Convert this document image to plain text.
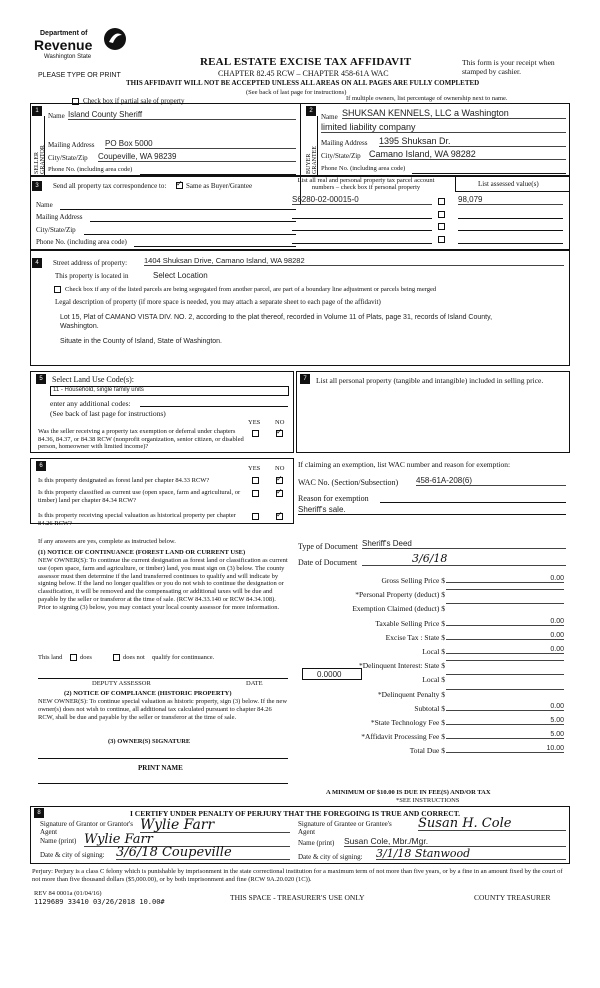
Department of
Revenue
Washington State
PLEASE TYPE OR PRINT
REAL ESTATE EXCISE TAX AFFIDAVIT
CHAPTER 82.45 RCW – CHAPTER 458-61A WAC
THIS AFFIDAVIT WILL NOT BE ACCEPTED UNLESS ALL AREAS ON ALL PAGES ARE FULLY COMPLETED
(See back of last page for instructions)
This form is your receipt when stamped by cashier.
Check box if partial sale of property	If multiple owners, list percentage of ownership next to name.
1
SELLER GRANTOR
Name Island County Sheriff
Mailing Address PO Box 5000
City/State/Zip Coupeville, WA 98239
Phone No. (including area code)
2
BUYER GRANTEE
Name SHUKSAN KENNELS, LLC a Washington
limited liability company
Mailing Address 1395 Shuksan Dr.
City/State/Zip Camano Island, WA 98282
Phone No. (including area code)
3	Send all property tax correspondence to:
✓	Same as Buyer/Grantee
Name
Mailing Address
City/State/Zip
Phone No. (including area code)
List all real and personal property tax parcel account numbers – check box if personal property	List assessed value(s)
S6280-02-00015-0	98,079
4	Street address of property: 1404 Shuksan Drive, Camano Island, WA 98282
This property is located in	Select Location
Check box if any of the listed parcels are being segregated from another parcel, are part of a boundary line adjustment or parcels being merged
Legal description of property (if more space is needed, you may attach a separate sheet to each page of the affidavit)
Lot 15, Plat of CAMANO VISTA DIV. NO. 2, according to the plat thereof, recorded in Volume 11 of Plats, page 31, records of Island County, Washington.
Situate in the County of Island, State of Washington.
5	Select Land Use Code(s):
11 - Household, single family units
enter any additional codes:
(See back of last page for instructions)
YES NO
Was the seller receiving a property tax exemption or deferral under chapters 84.36, 84.37, or 84.38 RCW (nonprofit organization, senior citizen, or disabled person, homeowner with limited income)?
✓
6	YES NO
Is this property designated as forest land per chapter 84.33 RCW?
✓
Is this property classified as current use (open space, farm and agricultural, or timber) land per chapter 84.34 RCW?
✓
Is this property receiving special valuation as historical property per chapter 84.26 RCW?
✓
If any answers are yes, complete as instructed below.
(1) NOTICE OF CONTINUANCE (FOREST LAND OR CURRENT USE)
NEW OWNER(S): To continue the current designation as forest land or classification as current use (open space, farm and agriculture, or timber) land, you must sign on (3) below. The county assessor must then determine if the land transferred continues to qualify and will indicate by signing below. If the land no longer qualifies or you do not wish to continue the designation or classification, it will be removed and the compensating or additional taxes will be due and payable by the seller or transferor at the time of sale. (RCW 84.33.140 or RCW 84.34.108). Prior to signing (3) below, you may contact your local county assessor for more information.
This land	does	does not qualify for continuance.
DEPUTY ASSESSOR	DATE
(2) NOTICE OF COMPLIANCE (HISTORIC PROPERTY)
NEW OWNER(S): To continue special valuation as historic property, sign (3) below. If the new owner(s) does not wish to continue, all additional tax calculated pursuant to chapter 84.26 RCW, shall be due and payable by the seller or transferor at the time of sale.
(3) OWNER(S) SIGNATURE
PRINT NAME
7	List all personal property (tangible and intangible) included in selling price.
If claiming an exemption, list WAC number and reason for exemption:
WAC No. (Section/Subsection) 458-61A-208(6)
Reason for exemption
Sheriff's sale.
Type of Document Sheriff's Deed
Date of Document	3/6/18
Gross Selling Price $	0.00
*Personal Property (deduct) $
Exemption Claimed (deduct) $
Taxable Selling Price $	0.00
Excise Tax : State $	0.00
Local $	0.00
*Delinquent Interest: State $
Local $
*Delinquent Penalty $
Subtotal $	0.00
*State Technology Fee $	5.00
*Affidavit Processing Fee $	5.00
Total Due $	10.00
0.0000
A MINIMUM OF $10.00 IS DUE IN FEE(S) AND/OR TAX
*SEE INSTRUCTIONS
8	I CERTIFY UNDER PENALTY OF PERJURY THAT THE FOREGOING IS TRUE AND CORRECT.
Signature of Grantor or Grantor's Agent	Wylie Farr
Name (print) Wylie Farr
Date & city of signing: 3/6/18 Coupeville
Signature of Grantee or Grantee's Agent
Susan H. Cole
Name (print) Susan Cole, Mbr./Mgr.
Date & city of signing: 3/1/18 Stanwood
Perjury: Perjury is a class C felony which is punishable by imprisonment in the state correctional institution for a maximum term of not more than five years, or by a fine in an amount fixed by the court of not more than five thousand dollars ($5,000.00), or by both imprisonment and fine (RCW 9A.20.020 (1C)).
REV 84 0001a (01/04/16)
1129689 33410 03/26/2018 10.00#	THIS SPACE - TREASURER'S USE ONLY	COUNTY TREASURER
